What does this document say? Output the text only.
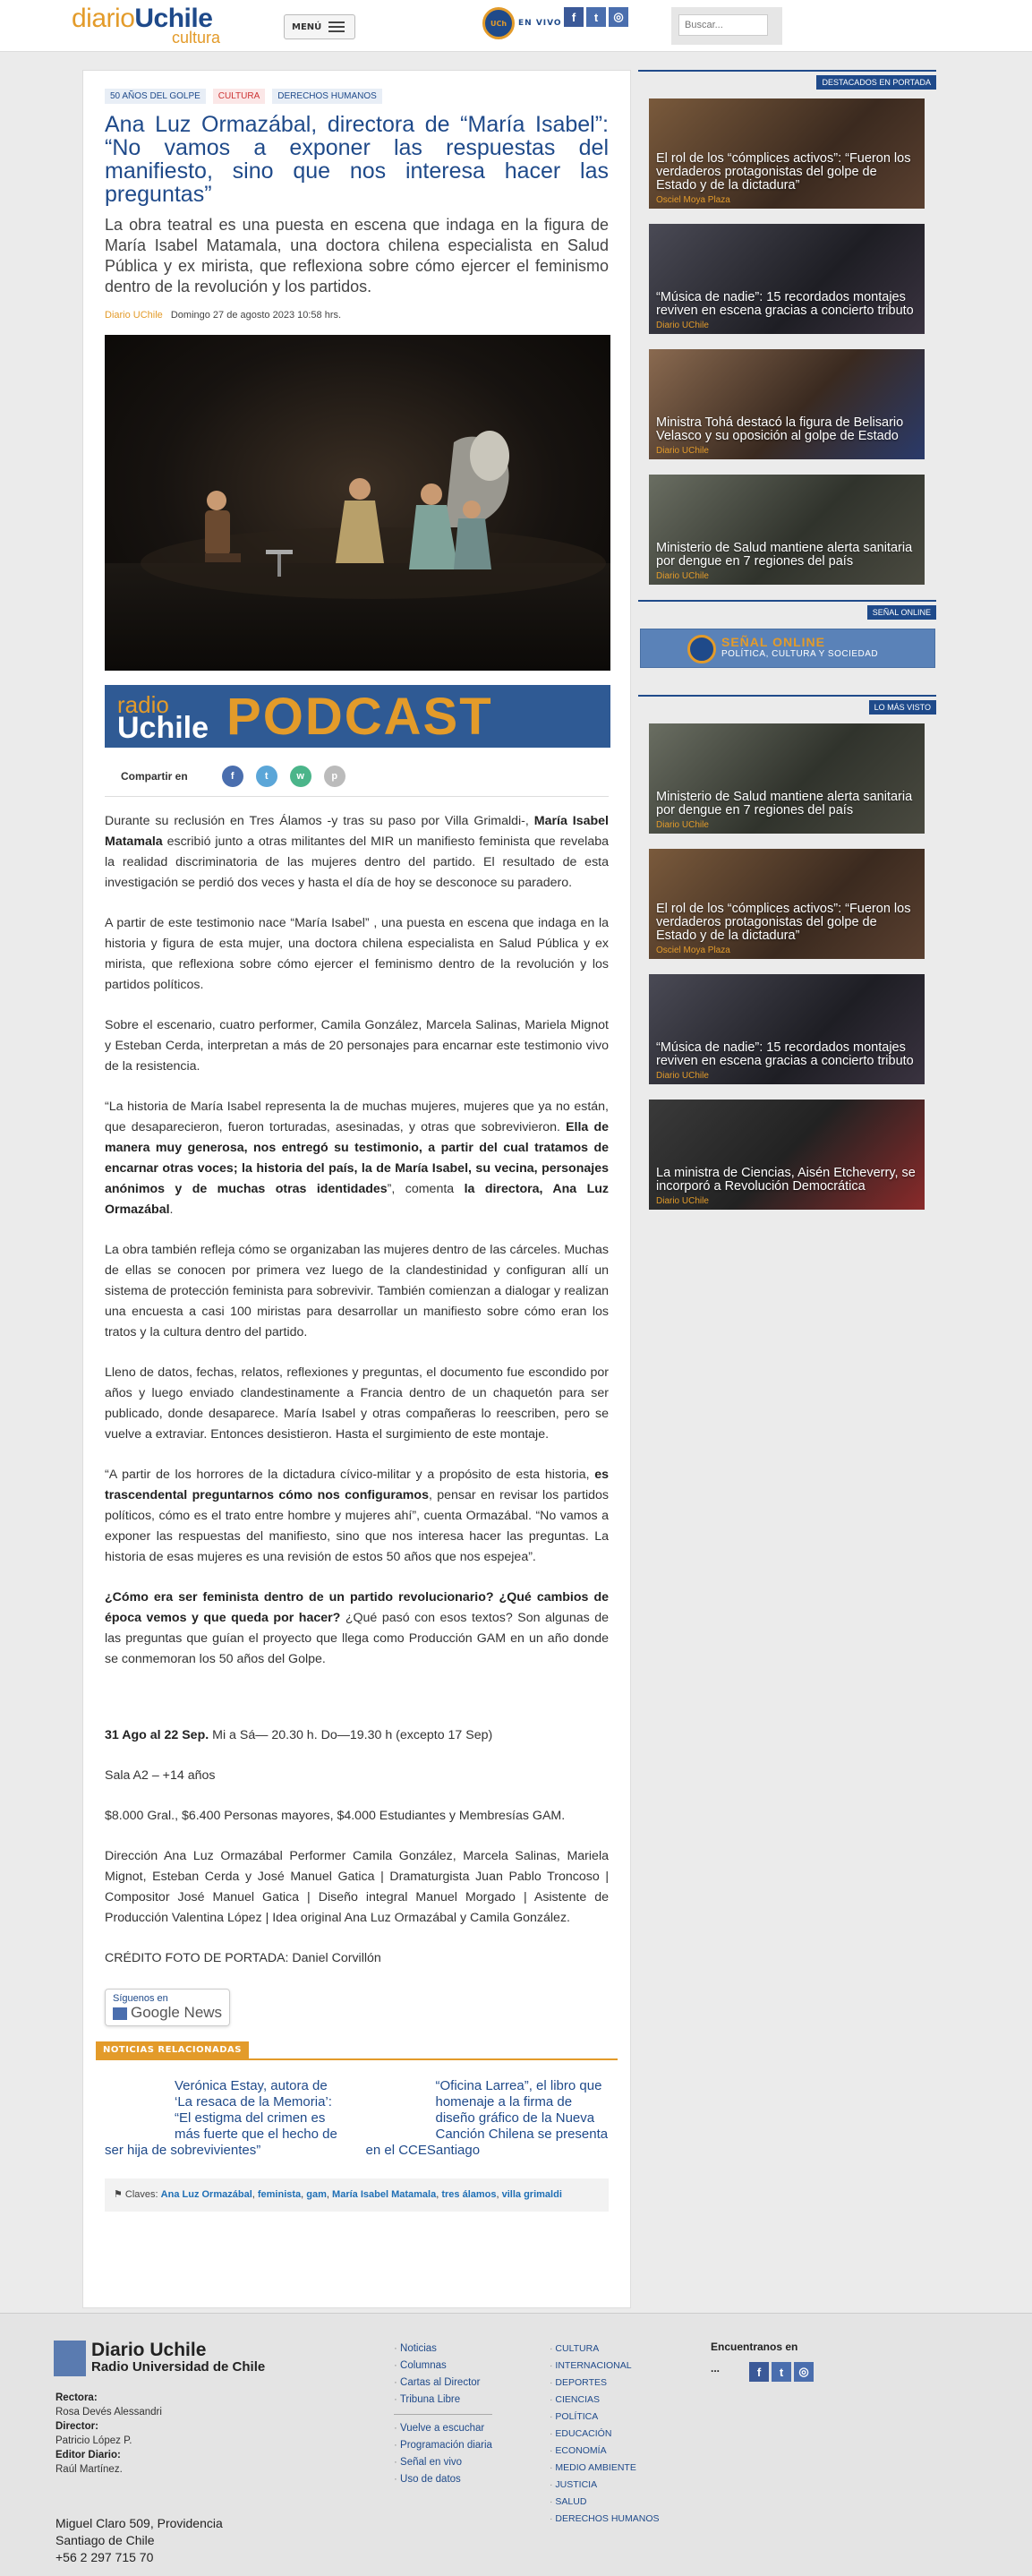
diarioUchile
cultura
MENÚ	UCh	EN VIVO f	t	◎
Buscar...
50 AÑOS DEL GOLPE	CULTURA	DERECHOS HUMANOS
Ana Luz Ormazábal, directora de “María Isabel”: “No vamos a exponer las respuestas del manifiesto, sino que nos interesa hacer las preguntas”
La obra teatral es una puesta en escena que indaga en la figura de María Isabel Matamala, una doctora chilena especialista en Salud Pública y ex mirista, que reflexiona sobre cómo ejercer el feminismo dentro de la revolución y los partidos.
Diario UChile Domingo 27 de agosto 2023 10:58 hrs.
radio
Uchile PODCAST
Compartir en	f	t	w	p

Durante su reclusión en Tres Álamos -y tras su paso por Villa Grimaldi-, María Isabel Matamala escribió junto a otras militantes del MIR un manifiesto feminista que revelaba la realidad discriminatoria de las mujeres dentro del partido. El resultado de esta investigación se perdió dos veces y hasta el día de hoy se desconoce su paradero.

A partir de este testimonio nace “María Isabel” , una puesta en escena que indaga en la historia y figura de esta mujer, una doctora chilena especialista en Salud Pública y ex mirista, que reflexiona sobre cómo ejercer el feminismo dentro de la revolución y los partidos políticos.

Sobre el escenario, cuatro performer, Camila González, Marcela Salinas, Mariela Mignot y Esteban Cerda, interpretan a más de 20 personajes para encarnar este testimonio vivo de la resistencia.

“La historia de María Isabel representa la de muchas mujeres, mujeres que ya no están, que desaparecieron, fueron torturadas, asesinadas, y otras que sobrevivieron. Ella de manera muy generosa, nos entregó su testimonio, a partir del cual tratamos de encarnar otras voces; la historia del país, la de María Isabel, su vecina, personajes anónimos y de muchas otras identidades”, comenta la directora, Ana Luz Ormazábal.

La obra también refleja cómo se organizaban las mujeres dentro de las cárceles. Muchas de ellas se conocen por primera vez luego de la clandestinidad y configuran allí un sistema de protección feminista para sobrevivir. También comienzan a dialogar y realizan una encuesta a casi 100 miristas para desarrollar un manifiesto sobre cómo eran los tratos y la cultura dentro del partido.

Lleno de datos, fechas, relatos, reflexiones y preguntas, el documento fue escondido por años y luego enviado clandestinamente a Francia dentro de un chaquetón para ser publicado, donde desaparece. María Isabel y otras compañeras lo reescriben, pero se vuelve a extraviar. Entonces desistieron. Hasta el surgimiento de este montaje.

“A partir de los horrores de la dictadura cívico-militar y a propósito de esta historia, es trascendental preguntarnos cómo nos configuramos, pensar en revisar los partidos políticos, cómo es el trato entre hombre y mujeres ahí”, cuenta Ormazábal. “No vamos a exponer las respuestas del manifiesto, sino que nos interesa hacer las preguntas. La historia de esas mujeres es una revisión de estos 50 años que nos espejea”.

¿Cómo era ser feminista dentro de un partido revolucionario? ¿Qué cambios de época vemos y que queda por hacer? ¿Qué pasó con esos textos? Son algunas de las preguntas que guían el proyecto que llega como Producción GAM en un año donde se conmemoran los 50 años del Golpe.

31 Ago al 22 Sep. Mi a Sá— 20.30 h. Do—19.30 h (excepto 17 Sep)

Sala A2 – +14 años

$8.000 Gral., $6.400 Personas mayores, $4.000 Estudiantes y Membresías GAM.

Dirección Ana Luz Ormazábal Performer Camila González, Marcela Salinas, Mariela Mignot, Esteban Cerda y José Manuel Gatica | Dramaturgista Juan Pablo Troncoso | Compositor José Manuel Gatica | Diseño integral Manuel Morgado | Asistente de Producción Valentina López | Idea original Ana Luz Ormazábal y Camila González.

CRÉDITO FOTO DE PORTADA: Daniel Corvillón

Síguenos en
Google News
NOTICIAS RELACIONADAS
Verónica Estay, autora de ‘La resaca de la Memoria’: “El estigma del crimen es más fuerte que el hecho de ser hija de sobrevivientes”
“Oficina Larrea”, el libro que homenaje a la firma de diseño gráfico de la Nueva Canción Chilena se presenta en el CCESantiago
⚑ Claves: Ana Luz Ormazábal, feminista, gam, María Isabel Matamala, tres álamos, villa grimaldi
DESTACADOS EN PORTADA
El rol de los “cómplices activos”: “Fueron los verdaderos protagonistas del golpe de Estado y de la dictadura”
Osciel Moya Plaza
“Música de nadie”: 15 recordados montajes reviven en escena gracias a concierto tributo
Diario UChile
Ministra Tohá destacó la figura de Belisario Velasco y su oposición al golpe de Estado
Diario UChile
Ministerio de Salud mantiene alerta sanitaria por dengue en 7 regiones del país
Diario UChile
SEÑAL ONLINE
SEÑAL ONLINE
POLÍTICA, CULTURA Y SOCIEDAD
LO MÁS VISTO
Ministerio de Salud mantiene alerta sanitaria por dengue en 7 regiones del país
Diario UChile
El rol de los “cómplices activos”: “Fueron los verdaderos protagonistas del golpe de Estado y de la dictadura”
Osciel Moya Plaza
“Música de nadie”: 15 recordados montajes reviven en escena gracias a concierto tributo
Diario UChile
La ministra de Ciencias, Aisén Etcheverry, se incorporó a Revolución Democrática
Diario UChile
Diario Uchile
Radio Universidad de Chile
Rectora:
Rosa Devés Alessandri
Director:
Patricio López P.
Editor Diario:
Raúl Martínez.
Miguel Claro 509, Providencia
Santiago de Chile
+56 2 297 715 70
· Noticias
· Columnas
· Cartas al Director
· Tribuna Libre
· Vuelve a escuchar
· Programación diaria
· Señal en vivo
· Uso de datos
· CULTURA
· INTERNACIONAL
· DEPORTES
· CIENCIAS
· POLÍTICA
· EDUCACIÓN
· ECONOMÍA
· MEDIO AMBIENTE
· JUSTICIA
· SALUD
· DERECHOS HUMANOS
Encuentranos en
...	f	t	◎
